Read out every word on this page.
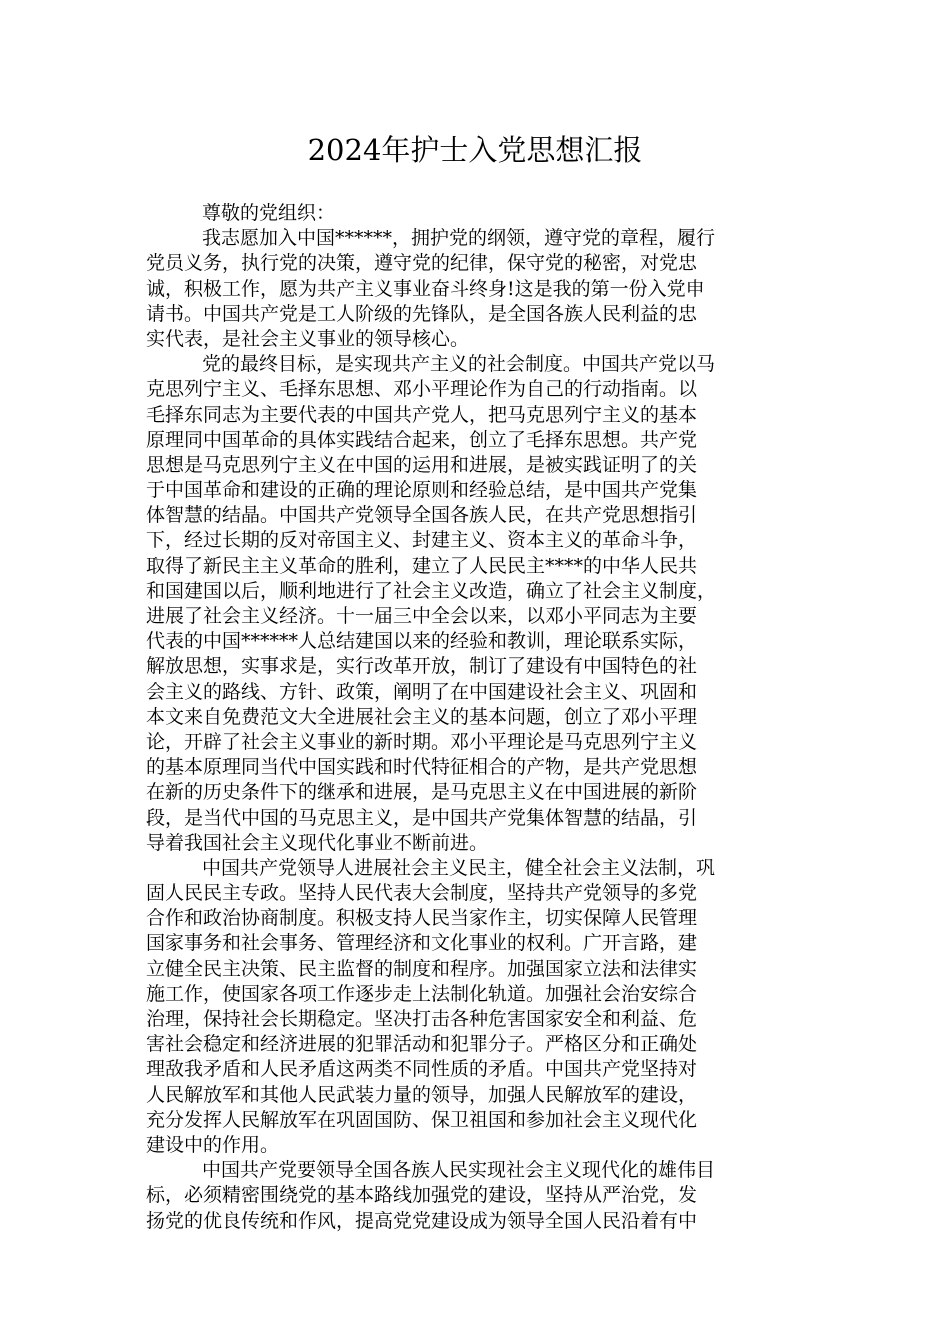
2024年护士入党思想汇报
尊敬的党组织：
我志愿加入中国******，拥护党的纲领，遵守党的章程，履行
党员义务，执行党的决策，遵守党的纪律，保守党的秘密，对党忠
诚，积极工作，愿为共产主义事业奋斗终身!这是我的第一份入党申
请书。中国共产党是工人阶级的先锋队，是全国各族人民利益的忠
实代表，是社会主义事业的领导核心。
党的最终目标，是实现共产主义的社会制度。中国共产党以马
克思列宁主义、毛择东思想、邓小平理论作为自己的行动指南。以
毛择东同志为主要代表的中国共产党人，把马克思列宁主义的基本
原理同中国革命的具体实践结合起来，创立了毛择东思想。共产党
思想是马克思列宁主义在中国的运用和进展，是被实践证明了的关
于中国革命和建设的正确的理论原则和经验总结，是中国共产党集
体智慧的结晶。中国共产党领导全国各族人民，在共产党思想指引
下，经过长期的反对帝国主义、封建主义、资本主义的革命斗争，
取得了新民主主义革命的胜利，建立了人民民主****的中华人民共
和国建国以后，顺利地进行了社会主义改造，确立了社会主义制度，
进展了社会主义经济。十一届三中全会以来，以邓小平同志为主要
代表的中国******人总结建国以来的经验和教训，理论联系实际，
解放思想，实事求是，实行改革开放，制订了建设有中国特色的社
会主义的路线、方针、政策，阐明了在中国建设社会主义、巩固和
本文来自免费范文大全进展社会主义的基本问题，创立了邓小平理
论，开辟了社会主义事业的新时期。邓小平理论是马克思列宁主义
的基本原理同当代中国实践和时代特征相合的产物，是共产党思想
在新的历史条件下的继承和进展，是马克思主义在中国进展的新阶
段，是当代中国的马克思主义，是中国共产党集体智慧的结晶，引
导着我国社会主义现代化事业不断前进。
中国共产党领导人进展社会主义民主，健全社会主义法制，巩
固人民民主专政。坚持人民代表大会制度，坚持共产党领导的多党
合作和政治协商制度。积极支持人民当家作主，切实保障人民管理
国家事务和社会事务、管理经济和文化事业的权利。广开言路，建
立健全民主决策、民主监督的制度和程序。加强国家立法和法律实
施工作，使国家各项工作逐步走上法制化轨道。加强社会治安综合
治理，保持社会长期稳定。坚决打击各种危害国家安全和利益、危
害社会稳定和经济进展的犯罪活动和犯罪分子。严格区分和正确处
理敌我矛盾和人民矛盾这两类不同性质的矛盾。中国共产党坚持对
人民解放军和其他人民武装力量的领导，加强人民解放军的建设，
充分发挥人民解放军在巩固国防、保卫祖国和参加社会主义现代化
建设中的作用。
中国共产党要领导全国各族人民实现社会主义现代化的雄伟目
标，必须精密围绕党的基本路线加强党的建设，坚持从严治党，发
扬党的优良传统和作风，提高党党建设成为领导全国人民沿着有中
